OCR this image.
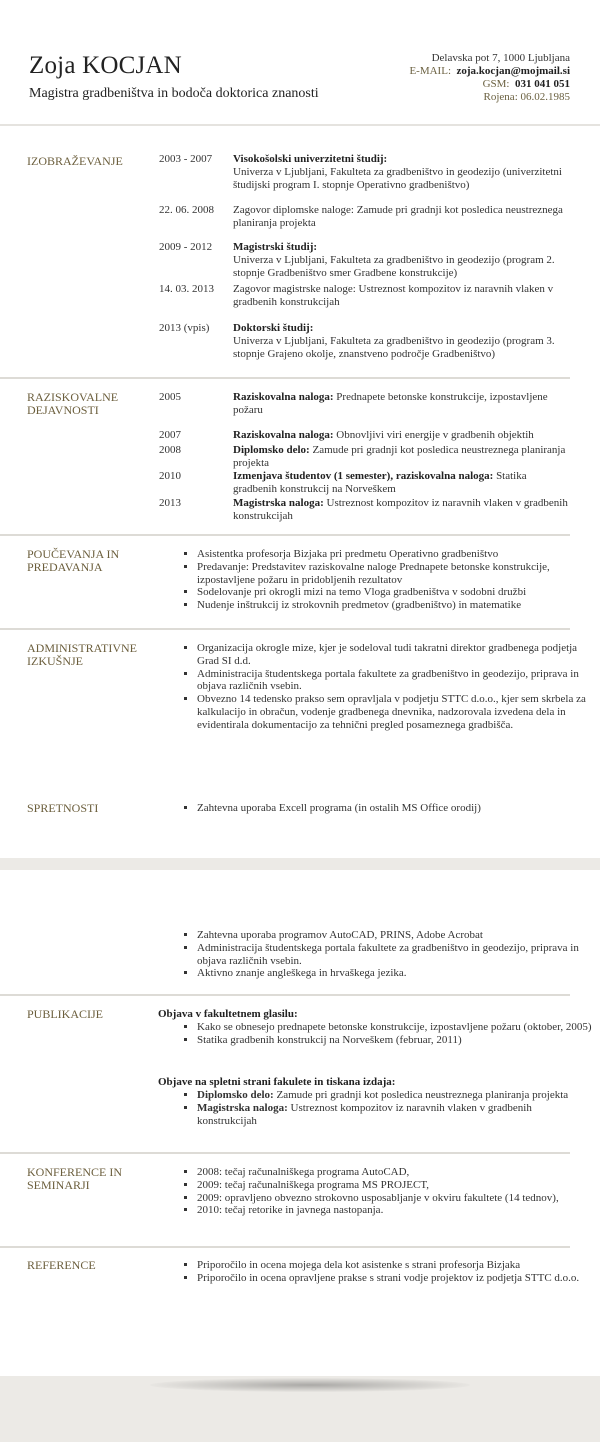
Zoja KOCJAN
Magistra gradbeništva in bodoča doktorica znanosti
Delavska pot 7, 1000 Ljubljana
E-MAIL: zoja.kocjan@mojmail.si
GSM: 031 041 051
Rojena: 06.02.1985
IZOBRAŽEVANJE	2003 - 2007 Visokošolski univerzitetni študij:
Univerza v Ljubljani, Fakulteta za gradbeništvo in geodezijo (univerzitetni študijski program I. stopnje Operativno gradbeništvo)
22. 06. 2008 Zagovor diplomske naloge: Zamude pri gradnji kot posledica neustreznega planiranja projekta
2009 - 2012 Magistrski študij:
Univerza v Ljubljani, Fakulteta za gradbeništvo in geodezijo (program 2. stopnje Gradbeništvo smer Gradbene konstrukcije)
14. 03. 2013 Zagovor magistrske naloge: Ustreznost kompozitov iz naravnih vlaken v gradbenih konstrukcijah
2013 (vpis) Doktorski študij:
Univerza v Ljubljani, Fakulteta za gradbeništvo in geodezijo (program 3. stopnje Grajeno okolje, znanstveno področje Gradbeništvo)
RAZISKOVALNE DEJAVNOSTI
2005	Raziskovalna naloga: Prednapete betonske konstrukcije, izpostavljene požaru
2007	Raziskovalna naloga: Obnovljivi viri energije v gradbenih objektih
2008	Diplomsko delo: Zamude pri gradnji kot posledica neustreznega planiranja projekta
2010	Izmenjava študentov (1 semester), raziskovalna naloga: Statika gradbenih konstrukcij na Norveškem
2013	Magistrska naloga: Ustreznost kompozitov iz naravnih vlaken v gradbenih konstrukcijah
POUČEVANJA IN PREDAVANJA
▪ Asistentka profesorja Bizjaka pri predmetu Operativno gradbeništvo
▪ Predavanje: Predstavitev raziskovalne naloge Prednapete betonske konstrukcije, izpostavljene požaru in pridobljenih rezultatov
▪ Sodelovanje pri okrogli mizi na temo Vloga gradbeništva v sodobni družbi
▪ Nudenje inštrukcij iz strokovnih predmetov (gradbeništvo) in matematike
ADMINISTRATIVNE IZKUŠNJE
▪ Organizacija okrogle mize, kjer je sodeloval tudi takratni direktor gradbenega podjetja Grad SI d.d.
▪ Administracija študentskega portala fakultete za gradbeništvo in geodezijo, priprava in objava različnih vsebin.
▪ Obvezno 14 tedensko prakso sem opravljala v podjetju STTC d.o.o., kjer sem skrbela za kalkulacijo in obračun, vodenje gradbenega dnevnika, nadzorovala izvedena dela in evidentirala dokumentacijo za tehnični pregled posameznega gradbišča.
SPRETNOSTI	▪ Zahtevna uporaba Excell programa (in ostalih MS Office orodij)
▪ Zahtevna uporaba programov AutoCAD, PRINS, Adobe Acrobat
▪ Administracija študentskega portala fakultete za gradbeništvo in geodezijo, priprava in objava različnih vsebin.
▪ Aktivno znanje angleškega in hrvaškega jezika.
PUBLIKACIJE	Objava v fakultetnem glasilu:
▪ Kako se obnesejo prednapete betonske konstrukcije, izpostavljene požaru (oktober, 2005)
▪ Statika gradbenih konstrukcij na Norveškem (februar, 2011)
Objave na spletni strani fakulete in tiskana izdaja:
▪ Diplomsko delo: Zamude pri gradnji kot posledica neustreznega planiranja projekta
▪ Magistrska naloga: Ustreznost kompozitov iz naravnih vlaken v gradbenih konstrukcijah
KONFERENCE IN SEMINARJI
▪ 2008: tečaj računalniškega programa AutoCAD,
▪ 2009: tečaj računalniškega programa MS PROJECT,
▪ 2009: opravljeno obvezno strokovno usposabljanje v okviru fakultete (14 tednov),
▪ 2010: tečaj retorike in javnega nastopanja.
REFERENCE	▪ Priporočilo in ocena mojega dela kot asistenke s strani profesorja Bizjaka
▪ Priporočilo in ocena opravljene prakse s strani vodje projektov iz podjetja STTC d.o.o.
